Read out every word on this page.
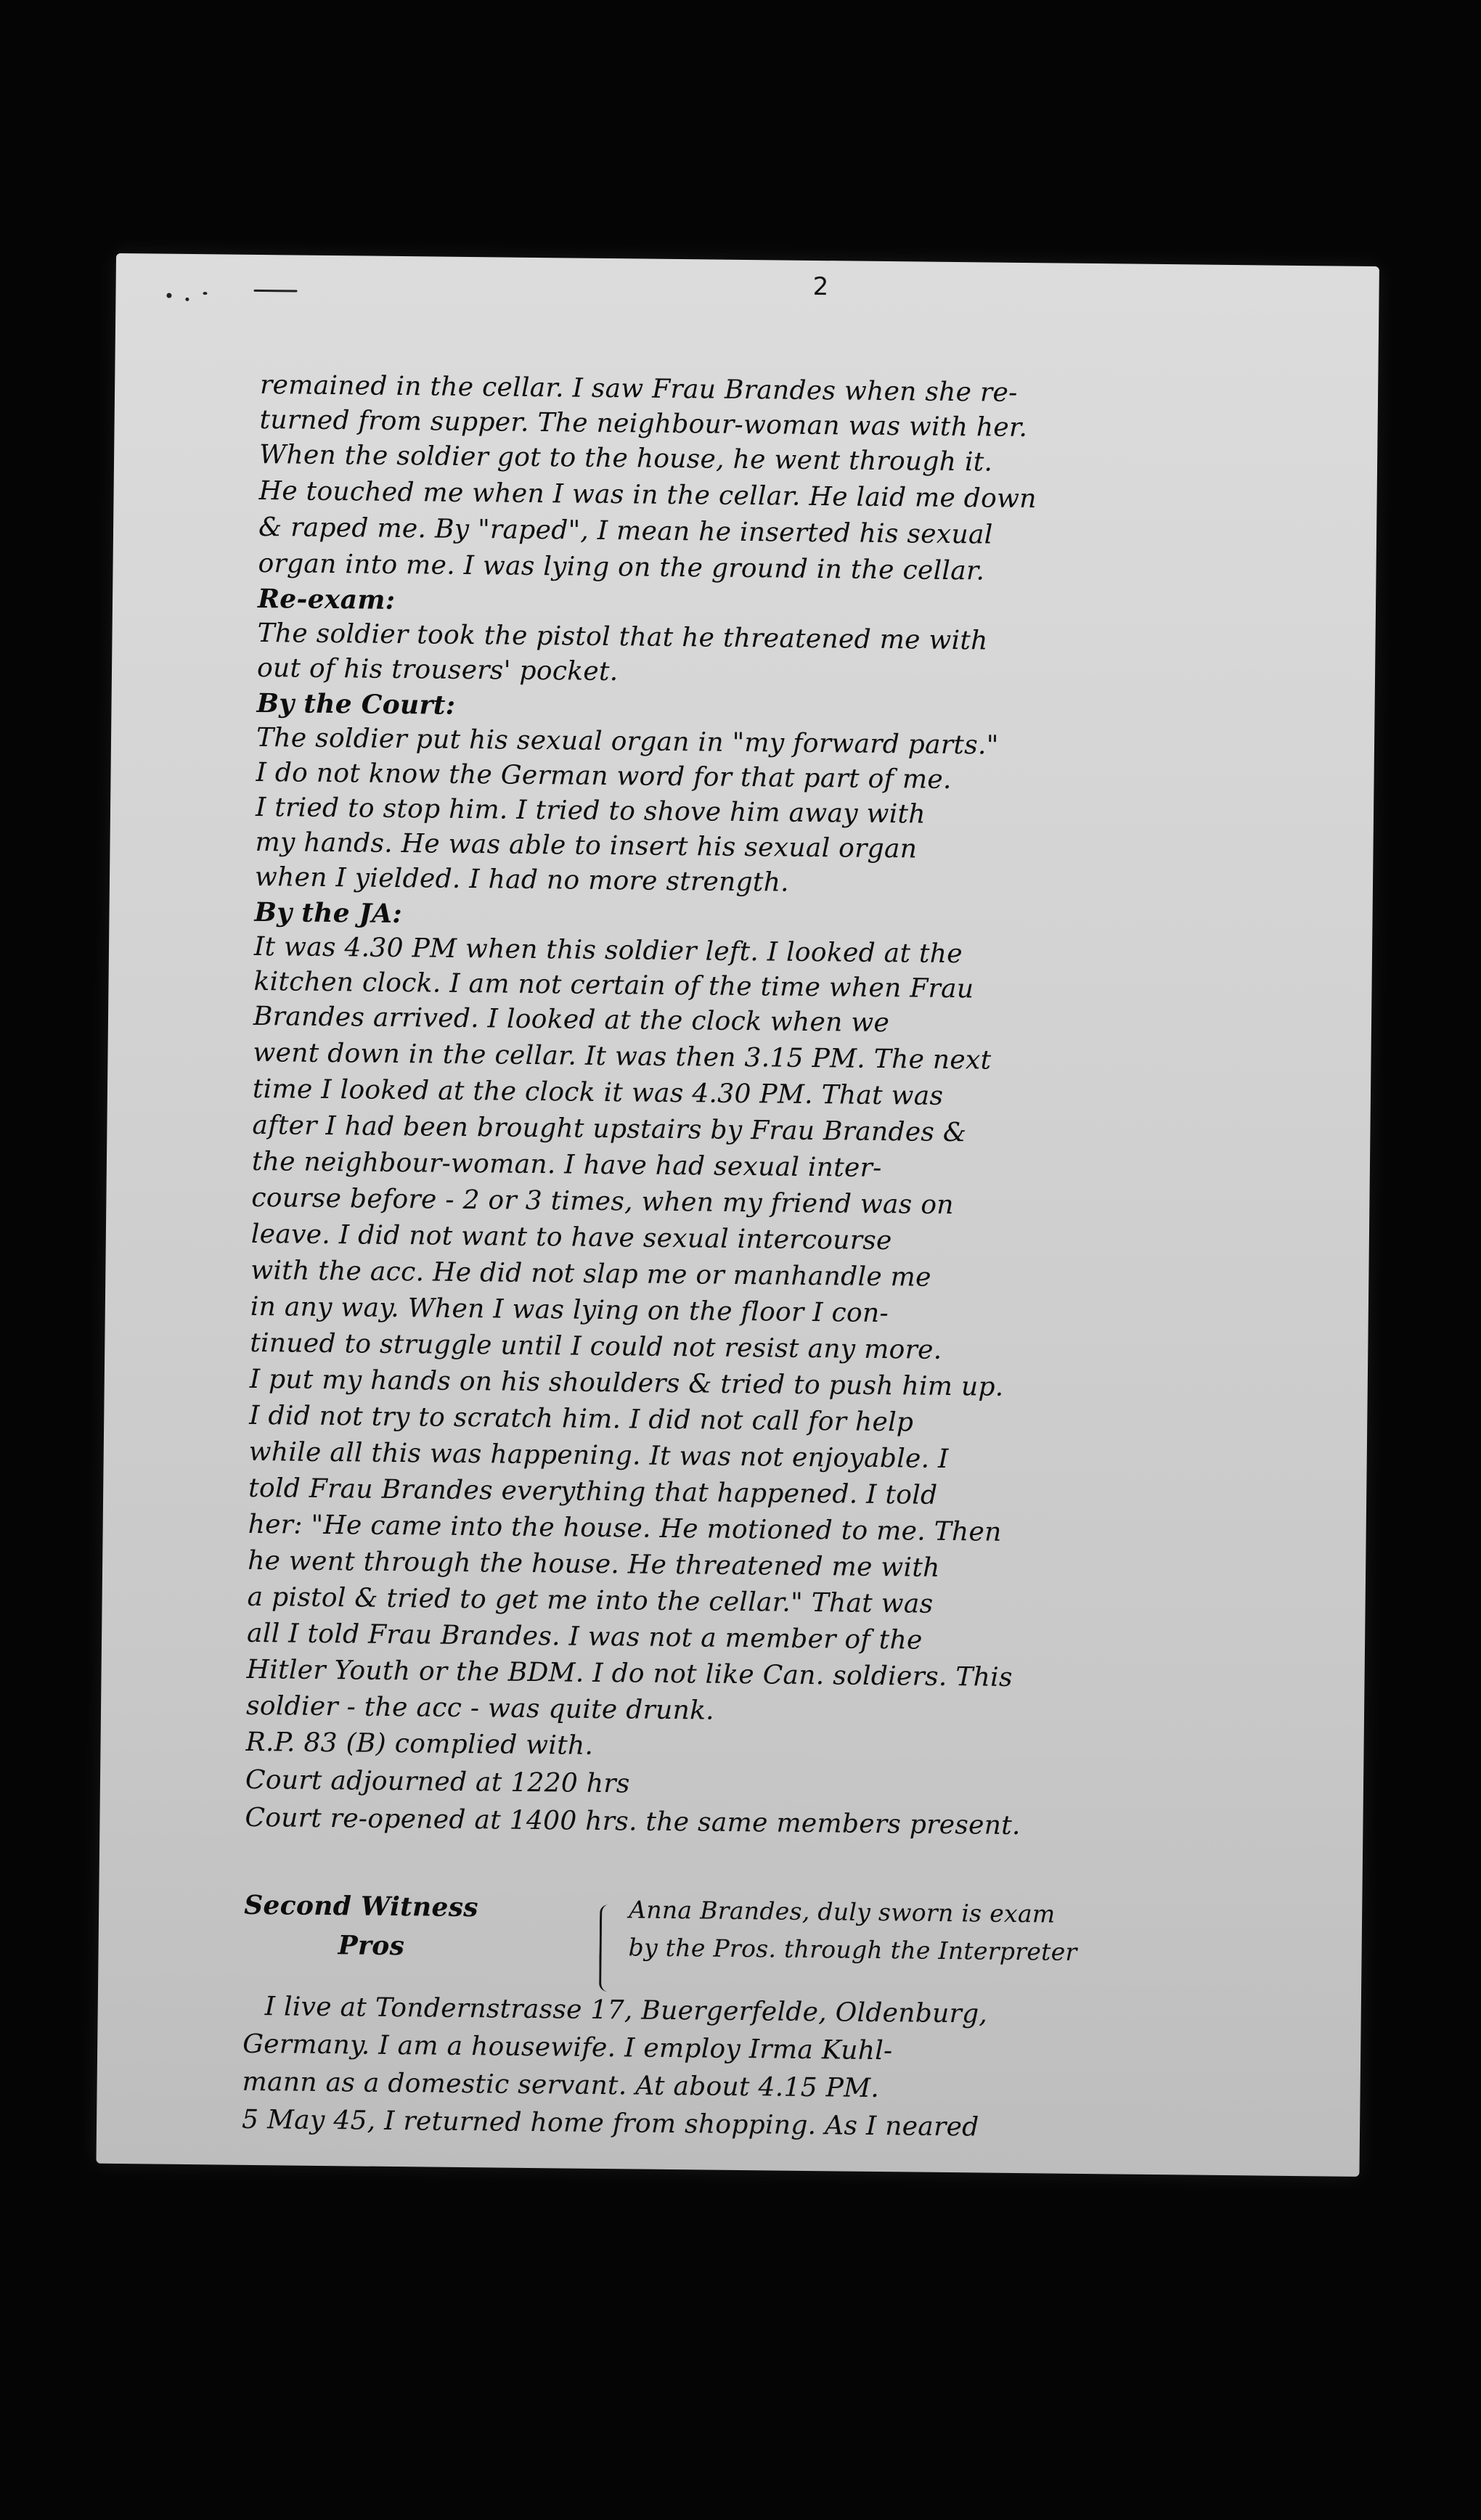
2
remained in the cellar. I saw Frau Brandes when she re-
turned from supper. The neighbour-woman was with her.
When the soldier got to the house, he went through it.
He touched me when I was in the cellar. He laid me down
& raped me. By "raped", I mean he inserted his sexual
organ into me. I was lying on the ground in the cellar.
Re-exam:
The soldier took the pistol that he threatened me with
out of his trousers' pocket.
By the Court:
The soldier put his sexual organ in "my forward parts."
I do not know the German word for that part of me.
I tried to stop him. I tried to shove him away with
my hands. He was able to insert his sexual organ
when I yielded. I had no more strength.
By the JA:
It was 4.30 PM when this soldier left. I looked at the
kitchen clock. I am not certain of the time when Frau
Brandes arrived. I looked at the clock when we
went down in the cellar. It was then 3.15 PM. The next
time I looked at the clock it was 4.30 PM. That was
after I had been brought upstairs by Frau Brandes &
the neighbour-woman. I have had sexual inter-
course before - 2 or 3 times, when my friend was on
leave. I did not want to have sexual intercourse
with the acc. He did not slap me or manhandle me
in any way. When I was lying on the floor I con-
tinued to struggle until I could not resist any more.
I put my hands on his shoulders & tried to push him up.
I did not try to scratch him. I did not call for help
while all this was happening. It was not enjoyable. I
told Frau Brandes everything that happened. I told
her: "He came into the house. He motioned to me. Then
he went through the house. He threatened me with
a pistol & tried to get me into the cellar." That was
all I told Frau Brandes. I was not a member of the
Hitler Youth or the BDM. I do not like Can. soldiers. This
soldier - the acc - was quite drunk.
R.P. 83 (B) complied with.
Court adjourned at 1220 hrs
Court re-opened at 1400 hrs. the same members present.
Second Witness
Pros
Anna Brandes, duly sworn is exam
by the Pros. through the Interpreter
I live at Tondernstrasse 17, Buergerfelde, Oldenburg,
Germany. I am a housewife. I employ Irma Kuhl-
mann as a domestic servant. At about 4.15 PM.
5 May 45, I returned home from shopping. As I neared
